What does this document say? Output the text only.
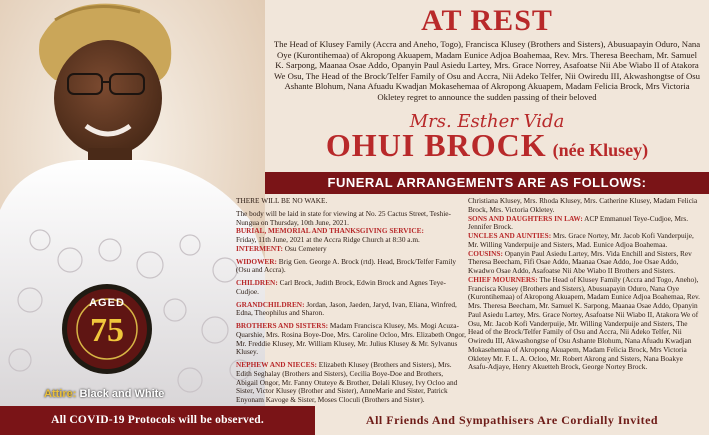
AGED
75
Attire: Black and White
AT REST
The Head of Klusey Family (Accra and Aneho, Togo), Francisca Klusey (Brothers and Sisters), Abusuapayin Oduro, Nana Oye (Kurontihemaa) of Akropong Akuapem, Madam Eunice Adjoa Boahemaa, Rev. Mrs. Theresa Beecham, Mr. Samuel K. Sarpong, Maanaa Osae Addo, Opanyin Paul Asiedu Lartey, Mrs. Grace Norrey, Asafoatse Nii Abe Wiabo II of Atakora We Osu, The Head of the Brock/Telfer Family of Osu and Accra, Nii Adeko Telfer, Nii Owiredu III, Akwashongtse of Osu Ashante Blohum, Nana Afuadu Kwadjan Mokasehemaa of Akropong Akuapem, Madam Felicia Brock, Mrs Victoria Okletey regret to announce the sudden passing of their beloved
Mrs. Esther Vida
OHUI BROCK (née Klusey)
FUNERAL ARRANGEMENTS ARE AS FOLLOWS:

THERE WILL BE NO WAKE.

The body will be laid in state for viewing at No. 25 Cactus Street, Teshie-Nungua on Thursday, 10th June, 2021.
BURIAL, MEMORIAL AND THANKSGIVING SERVICE:
Friday, 11th June, 2021 at the Accra Ridge Church at 8:30 a.m.
INTERMENT: Osu Cemetery

WIDOWER: Brig Gen. George A. Brock (rtd). Head, Brock/Telfer Family (Osu and Accra).

CHILDREN: Carl Brock, Judith Brock, Edwin Brock and Agnes Teye-Cudjoe.

GRANDCHILDREN: Jordan, Jason, Jaeden, Jaryd, Ivan, Eliana, Winfred, Edna, Theophilus and Sharon.

BROTHERS AND SISTERS: Madam Francisca Klusey, Ms. Mogi Acuza-Quarshie, Mrs. Rosina Boye-Doe, Mrs. Caroline Ocloo, Mrs. Elizabeth Ongor, Mr. Freddie Klusey, Mr. William Klusey, Mr. Julius Klusey & Mr. Sylvanus Klusey.

NEPHEW AND NIECES: Elizabeth Klusey (Brothers and Sisters), Mrs. Edith Seghalay (Brothers and Sisters), Cecilia Boye-Doe and Brothers, Abigail Ongor, Mr. Fanny Otuteye & Brother, Delali Klusey, Ivy Ocloo and Sister, Victor Klusey (Brother and Sister), AnneMarie and Sister, Patrick Enyonam Kavoge & Sister, Moses Cloculi (Brothers and Sister).

Christiana Klusey, Mrs. Rhoda Klusey, Mrs. Catherine Klusey, Madam Felicia Brock, Mrs. Victoria Okletey.
SONS AND DAUGHTERS IN LAW: ACP Emmanuel Teye-Cudjoe, Mrs. Jennifer Brock.
UNCLES AND AUNTIES: Mrs. Grace Nortey, Mr. Jacob Kofi Vanderpuije, Mr. Willing Vanderpuije and Sisters, Mad. Eunice Adjoa Boahemaa.
COUSINS: Opanyin Paul Asiedu Lartey, Mrs. Vida Enchill and Sisters, Rev Theresa Beecham, Fifi Osae Addo, Maanaa Osae Addo, Joe Osae Addo, Kwadwo Osae Addo, Asafoatse Nii Abe Wiabo II Brothers and Sisters.
CHIEF MOURNERS: The Head of Klusey Family (Accra and Togo, Aneho), Francisca Klusey (Brothers and Sisters), Abusuapayin Oduro, Nana Oye (Kurontihemaa) of Akropong Akuapem, Madam Eunice Adjoa Boahemaa, Rev. Mrs. Theresa Beecham, Mr. Samuel K. Sarpong, Maanaa Osae Addo, Opanyin Paul Asiedu Lartey, Mrs. Grace Nortey, Asafoatse Nii Wiabo II, Atakora We of Osu, Mr. Jacob Kofi Vanderpuije, Mr. Willing Vanderpuije and Sisters, The Head of the Brock/Telfer Family of Osu and Accra, Nii Adeko Telfer, Nii Owiredu III, Akwashongtse of Osu Ashante Blohum, Nana Afuadu Kwadjan Mokasehemaa of Akropong Akuapem, Madam Felicia Brock, Mrs Victoria Okletey Mr. F. L. A. Ocloo, Mr. Robert Akrong and Sisters, Nana Boakye Asafu-Adjaye, Henry Akuetteh Brock, George Nortey Brock.

All COVID-19 Protocols will be observed.	All Friends And Sympathisers Are Cordially Invited
